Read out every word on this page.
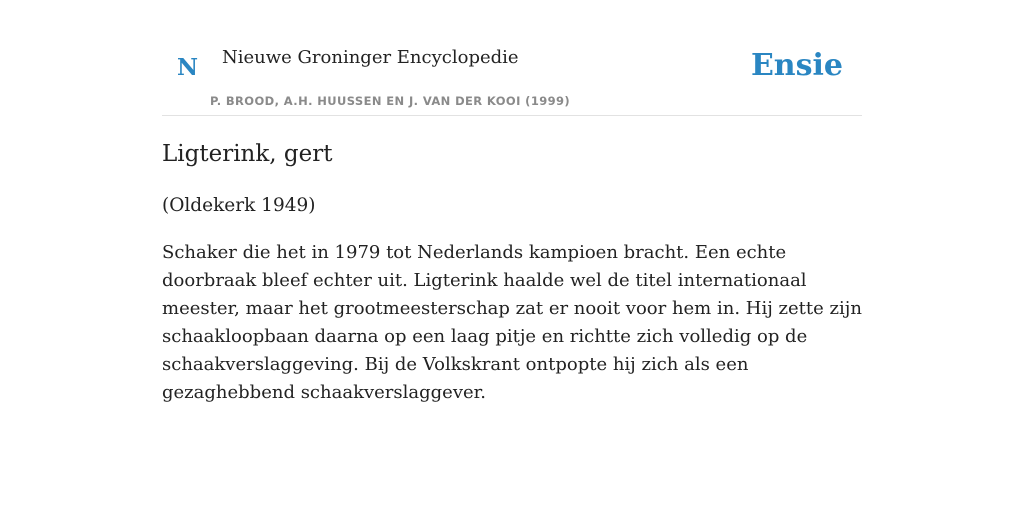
N Nieuwe Groninger Encyclopedie
P. BROOD, A.H. HUUSSEN EN J. VAN DER KOOI (1999)
Ensie
Ligterink, gert
(Oldekerk 1949)

Schaker die het in 1979 tot Nederlands kampioen bracht. Een echte doorbraak bleef echter uit. Ligterink haalde wel de titel internationaal meester, maar het grootmeesterschap zat er nooit voor hem in. Hij zette zijn schaakloopbaan daarna op een laag pitje en richtte zich volledig op de schaakverslaggeving. Bij de Volkskrant ontpopte hij zich als een gezaghebbend schaakverslaggever.
